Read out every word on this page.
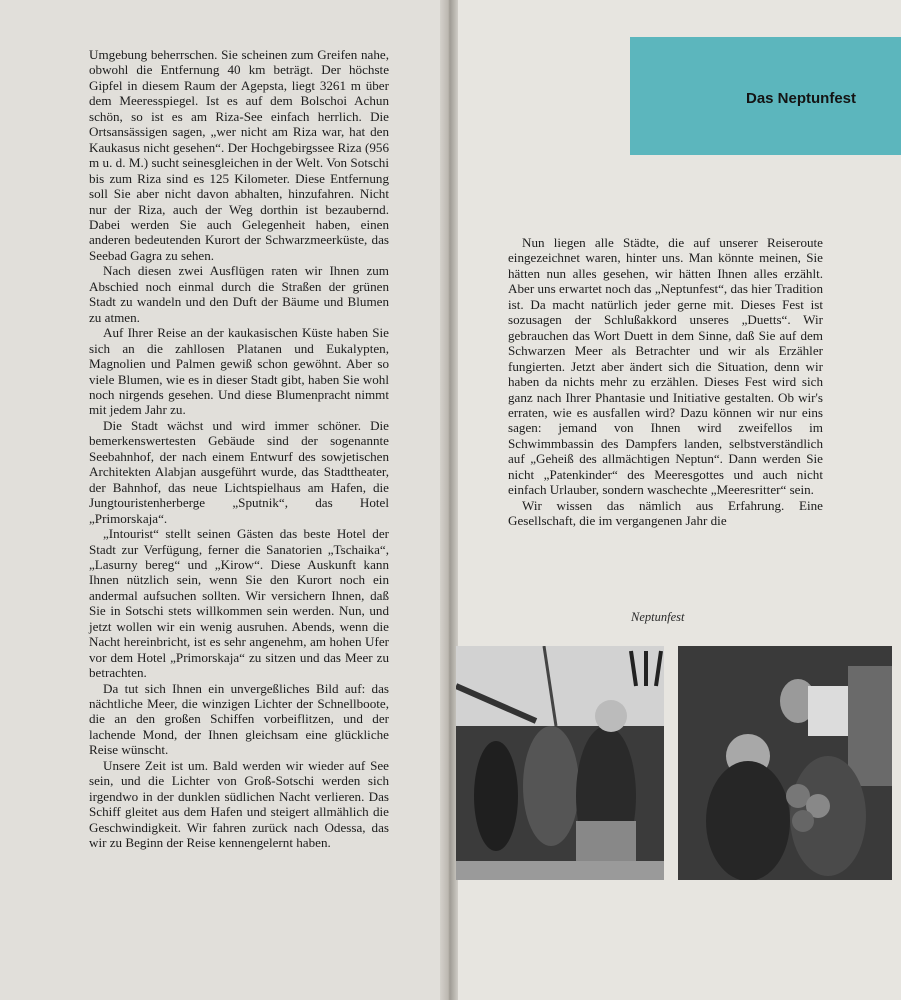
Umgebung beherrschen. Sie scheinen zum Greifen nahe, obwohl die Entfernung 40 km beträgt. Der höchste Gipfel in diesem Raum der Agepsta, liegt 3261 m über dem Meeresspiegel. Ist es auf dem Bolschoi Achun schön, so ist es am Riza-See einfach herrlich. Die Ortsansässigen sagen, „wer nicht am Riza war, hat den Kaukasus nicht gesehen“. Der Hochgebirgssee Riza (956 m u. d. M.) sucht seinesgleichen in der Welt. Von Sotschi bis zum Riza sind es 125 Kilometer. Diese Entfernung soll Sie aber nicht davon abhalten, hinzufahren. Nicht nur der Riza, auch der Weg dorthin ist bezaubernd. Dabei werden Sie auch Gelegenheit haben, einen anderen bedeutenden Kurort der Schwarzmeerküste, das Seebad Gagra zu sehen.

Nach diesen zwei Ausflügen raten wir Ihnen zum Abschied noch einmal durch die Straßen der grünen Stadt zu wandeln und den Duft der Bäume und Blumen zu atmen.

Auf Ihrer Reise an der kaukasischen Küste haben Sie sich an die zahllosen Platanen und Eukalypten, Magnolien und Palmen gewiß schon gewöhnt. Aber so viele Blumen, wie es in dieser Stadt gibt, haben Sie wohl noch nirgends gesehen. Und diese Blumenpracht nimmt mit jedem Jahr zu.

Die Stadt wächst und wird immer schöner. Die bemerkenswertesten Gebäude sind der sogenannte Seebahnhof, der nach einem Entwurf des sowjetischen Architekten Alabjan ausgeführt wurde, das Stadttheater, der Bahnhof, das neue Lichtspielhaus am Hafen, die Jungtouristenherberge „Sputnik“, das Hotel „Primorskaja“.

„Intourist“ stellt seinen Gästen das beste Hotel der Stadt zur Verfügung, ferner die Sanatorien „Tschaika“, „Lasurny bereg“ und „Kirow“. Diese Auskunft kann Ihnen nützlich sein, wenn Sie den Kurort noch ein andermal aufsuchen sollten. Wir versichern Ihnen, daß Sie in Sotschi stets willkommen sein werden. Nun, und jetzt wollen wir ein wenig ausruhen. Abends, wenn die Nacht hereinbricht, ist es sehr angenehm, am hohen Ufer vor dem Hotel „Primorskaja“ zu sitzen und das Meer zu betrachten.

Da tut sich Ihnen ein unvergeßliches Bild auf: das nächtliche Meer, die winzigen Lichter der Schnellboote, die an den großen Schiffen vorbeiflitzen, und der lachende Mond, der Ihnen gleichsam eine glückliche Reise wünscht.

Unsere Zeit ist um. Bald werden wir wieder auf See sein, und die Lichter von Groß-Sotschi werden sich irgendwo in der dunklen südlichen Nacht verlieren. Das Schiff gleitet aus dem Hafen und steigert allmählich die Geschwindigkeit. Wir fahren zurück nach Odessa, das wir zu Beginn der Reise kennengelernt haben.

Das Neptunfest

Nun liegen alle Städte, die auf unserer Reiseroute eingezeichnet waren, hinter uns. Man könnte meinen, Sie hätten nun alles gesehen, wir hätten Ihnen alles erzählt. Aber uns erwartet noch das „Neptunfest“, das hier Tradition ist. Da macht natürlich jeder gerne mit. Dieses Fest ist sozusagen der Schlußakkord unseres „Duetts“. Wir gebrauchen das Wort Duett in dem Sinne, daß Sie auf dem Schwarzen Meer als Betrachter und wir als Erzähler fungierten. Jetzt aber ändert sich die Situation, denn wir haben da nichts mehr zu erzählen. Dieses Fest wird sich ganz nach Ihrer Phantasie und Initiative gestalten. Ob wir's erraten, wie es ausfallen wird? Dazu können wir nur eins sagen: jemand von Ihnen wird zweifellos im Schwimmbassin des Dampfers landen, selbstverständlich auf „Geheiß des allmächtigen Neptun“. Dann werden Sie nicht „Patenkinder“ des Meeresgottes und auch nicht einfach Urlauber, sondern waschechte „Meeresritter“ sein.

Wir wissen das nämlich aus Erfahrung. Eine Gesellschaft, die im vergangenen Jahr die

Neptunfest
